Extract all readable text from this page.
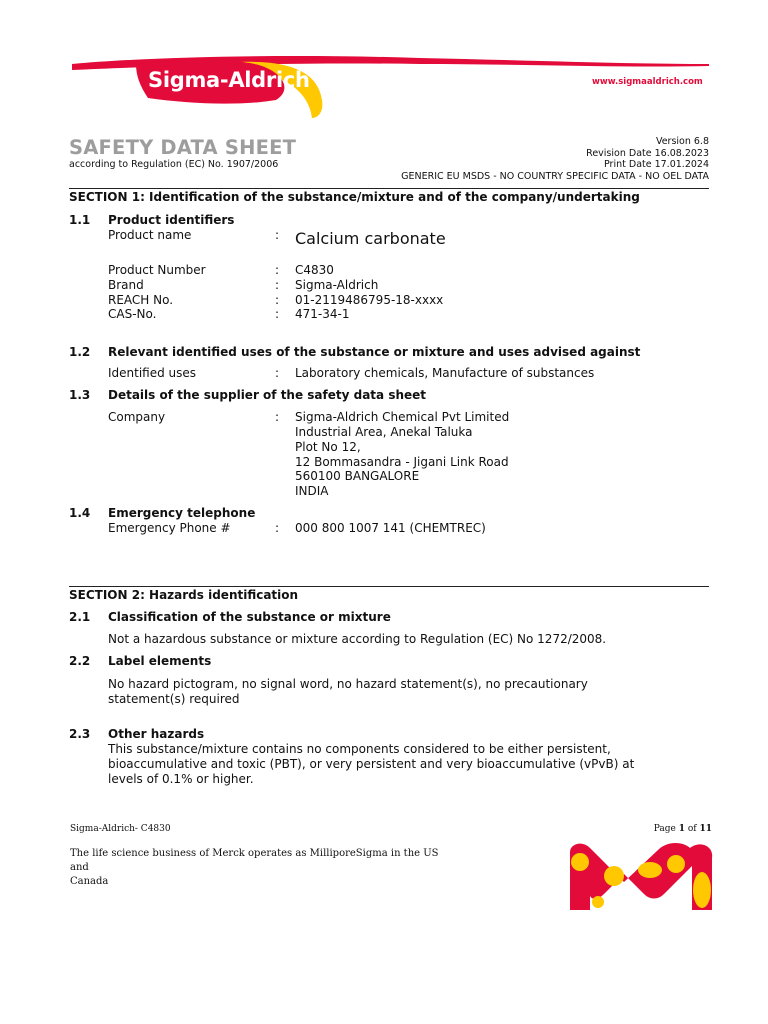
Sigma-Aldrich®	www.sigmaaldrich.com
SAFETY DATA SHEET
according to Regulation (EC) No. 1907/2006
Version 6.8
Revision Date 16.08.2023
Print Date 17.01.2024
GENERIC EU MSDS - NO COUNTRY SPECIFIC DATA - NO OEL DATA
SECTION 1: Identification of the substance/mixture and of the company/undertaking
1.1 Product identifiers
Product name	: Calcium carbonate
Product Number	: C4830
Brand	: Sigma-Aldrich
REACH No.	: 01-2119486795-18-xxxx
CAS-No.	: 471-34-1
1.2 Relevant identified uses of the substance or mixture and uses advised against
Identified uses	: Laboratory chemicals, Manufacture of substances
1.3 Details of the supplier of the safety data sheet
Company	: Sigma-Aldrich Chemical Pvt Limited
Industrial Area, Anekal Taluka
Plot No 12,
12 Bommasandra - Jigani Link Road
560100 BANGALORE
INDIA
1.4 Emergency telephone
Emergency Phone #	: 000 800 1007 141 (CHEMTREC)
SECTION 2: Hazards identification
2.1 Classification of the substance or mixture
Not a hazardous substance or mixture according to Regulation (EC) No 1272/2008.
2.2 Label elements
No hazard pictogram, no signal word, no hazard statement(s), no precautionary
statement(s) required
2.3 Other hazards
This substance/mixture contains no components considered to be either persistent,
bioaccumulative and toxic (PBT), or very persistent and very bioaccumulative (vPvB) at
levels of 0.1% or higher.
Sigma-Aldrich- C4830	Page 1 of 11
The life science business of Merck operates as MilliporeSigma in the US and
Canada
